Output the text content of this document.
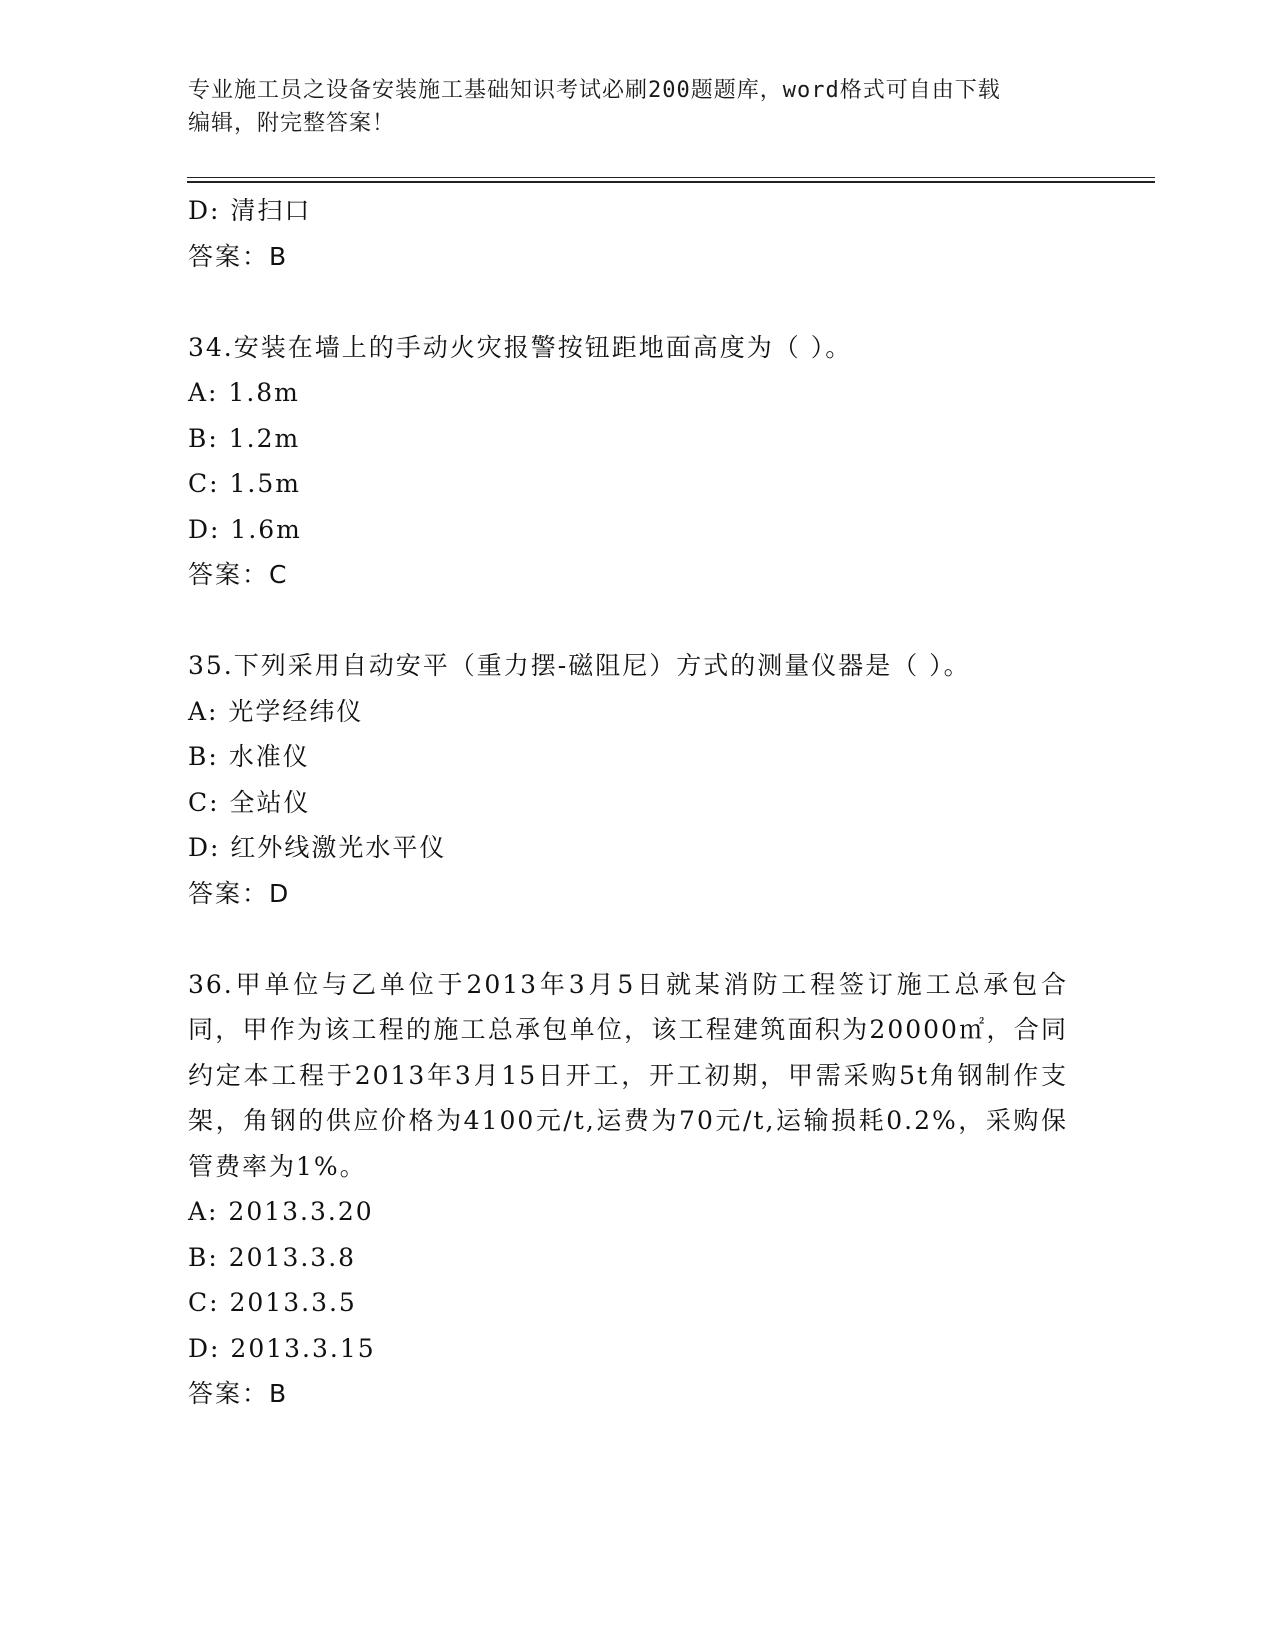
专业施工员之设备安装施工基础知识考试必刷200题题库，word格式可自由下载
编辑，附完整答案！
D: 清扫口
答案：B
34.安装在墙上的手动火灾报警按钮距地面高度为（ ）。
A: 1.8m
B: 1.2m
C: 1.5m
D: 1.6m
答案：C
35.下列采用自动安平（重力摆-磁阻尼）方式的测量仪器是（ ）。
A: 光学经纬仪
B: 水准仪
C: 全站仪
D: 红外线激光水平仪
答案：D
36.甲单位与乙单位于2013年3月5日就某消防工程签订施工总承包合同，甲作为该工程的施工总承包单位，该工程建筑面积为20000㎡，合同约定本工程于2013年3月15日开工，开工初期，甲需采购5t角钢制作支架，角钢的供应价格为4100元/t,运费为70元/t,运输损耗0.2%，采购保管费率为1%。
A: 2013.3.20
B: 2013.3.8
C: 2013.3.5
D: 2013.3.15
答案：B
